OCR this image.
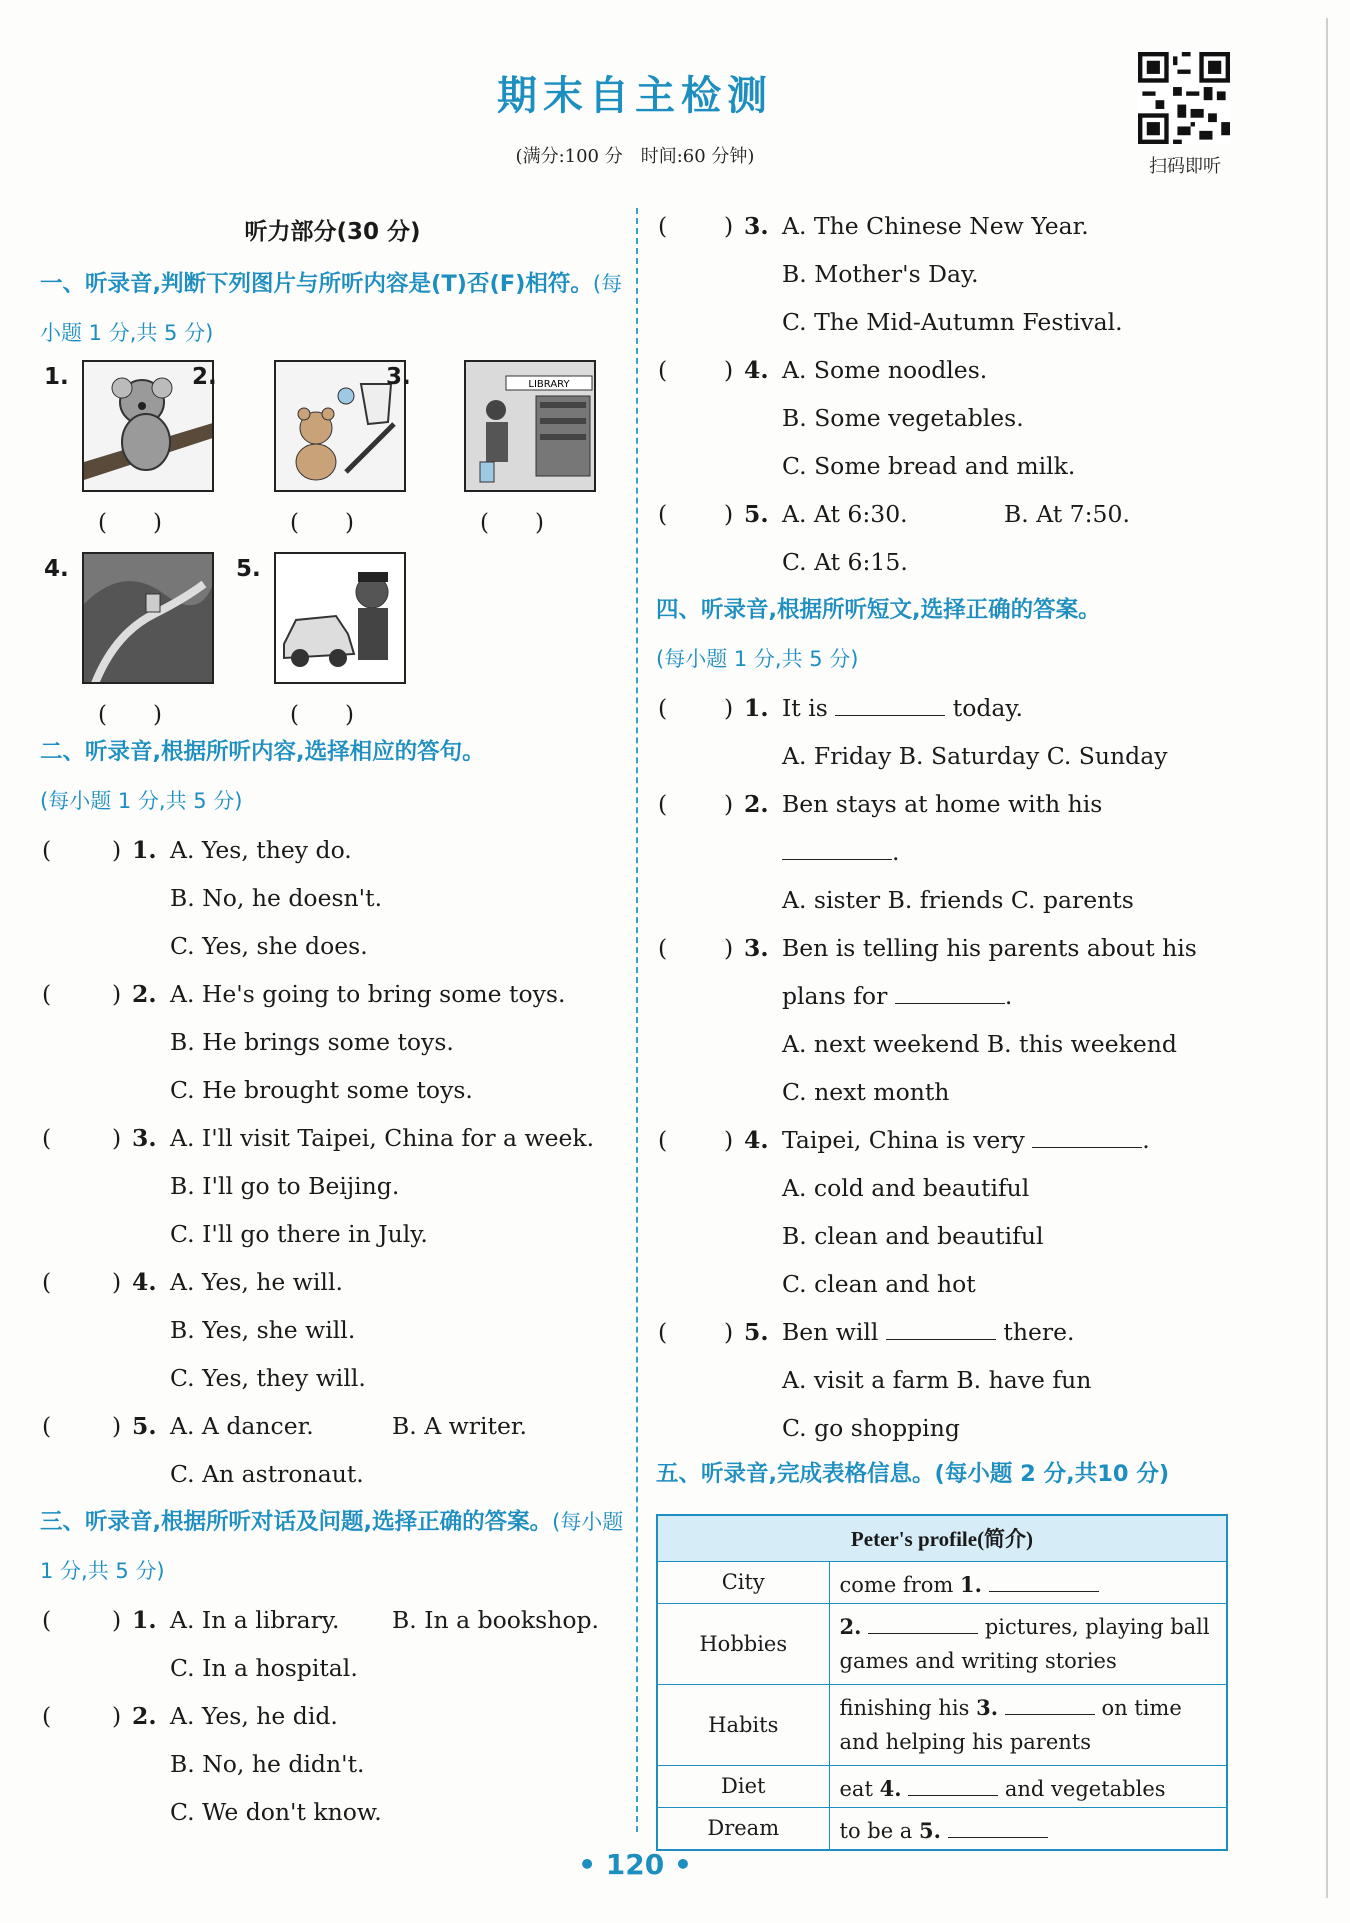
期末自主检测
(满分:100 分　时间:60 分钟)	扫码即听
听力部分(30 分)
一、听录音,判断下列图片与所听内容是(T)否(F)相符。(每小题 1 分,共 5 分)
1.
(　　)
2.
(　　)
3.	LIBRARY
(　　)
4.
(　　)
5.
(　　)
二、听录音,根据所听内容,选择相应的答句。
(每小题 1 分,共 5 分)
(	) 1. A. Yes, they do.
B. No, he doesn't.
C. Yes, she does.
(	) 2. A. He's going to bring some toys.
B. He brings some toys.
C. He brought some toys.
(	) 3. A. I'll visit Taipei, China for a week.
B. I'll go to Beijing.
C. I'll go there in July.
(	) 4. A. Yes, he will.
B. Yes, she will.
C. Yes, they will.
(	) 5. A. A dancer.	B. A writer.
C. An astronaut.
三、听录音,根据所听对话及问题,选择正确的答案。(每小题 1 分,共 5 分)
(	) 1. A. In a library. B. In a bookshop.
C. In a hospital.
(	) 2. A. Yes, he did.
B. No, he didn't.
C. We don't know.
( ) 3. A. The Chinese New Year.
B. Mother's Day.
C. The Mid-Autumn Festival.
( ) 4. A. Some noodles.
B. Some vegetables.
C. Some bread and milk.
( ) 5. A. At 6:30.	B. At 7:50.
C. At 6:15.
四、听录音,根据所听短文,选择正确的答案。
(每小题 1 分,共 5 分)
( ) 1. It is	today.
A. Friday B. Saturday C. Sunday
( ) 2. Ben stays at home with his
.
A. sister B. friends C. parents
( ) 3. Ben is telling his parents about his
plans for	.
A. next weekend B. this weekend
C. next month
( ) 4. Taipei, China is very	.
A. cold and beautiful
B. clean and beautiful
C. clean and hot
( ) 5. Ben will	there.
A. visit a farm B. have fun
C. go shopping
五、听录音,完成表格信息。(每小题 2 分,共10 分)
Peter's profile(简介)	
City	come from 1.
Hobbies	2. pictures, playing ball
games and writing stories
Habits	finishing his 3. on time
and helping his parents
Diet	eat 4. and vegetables
Dream	to be a 5.
• 120 •
